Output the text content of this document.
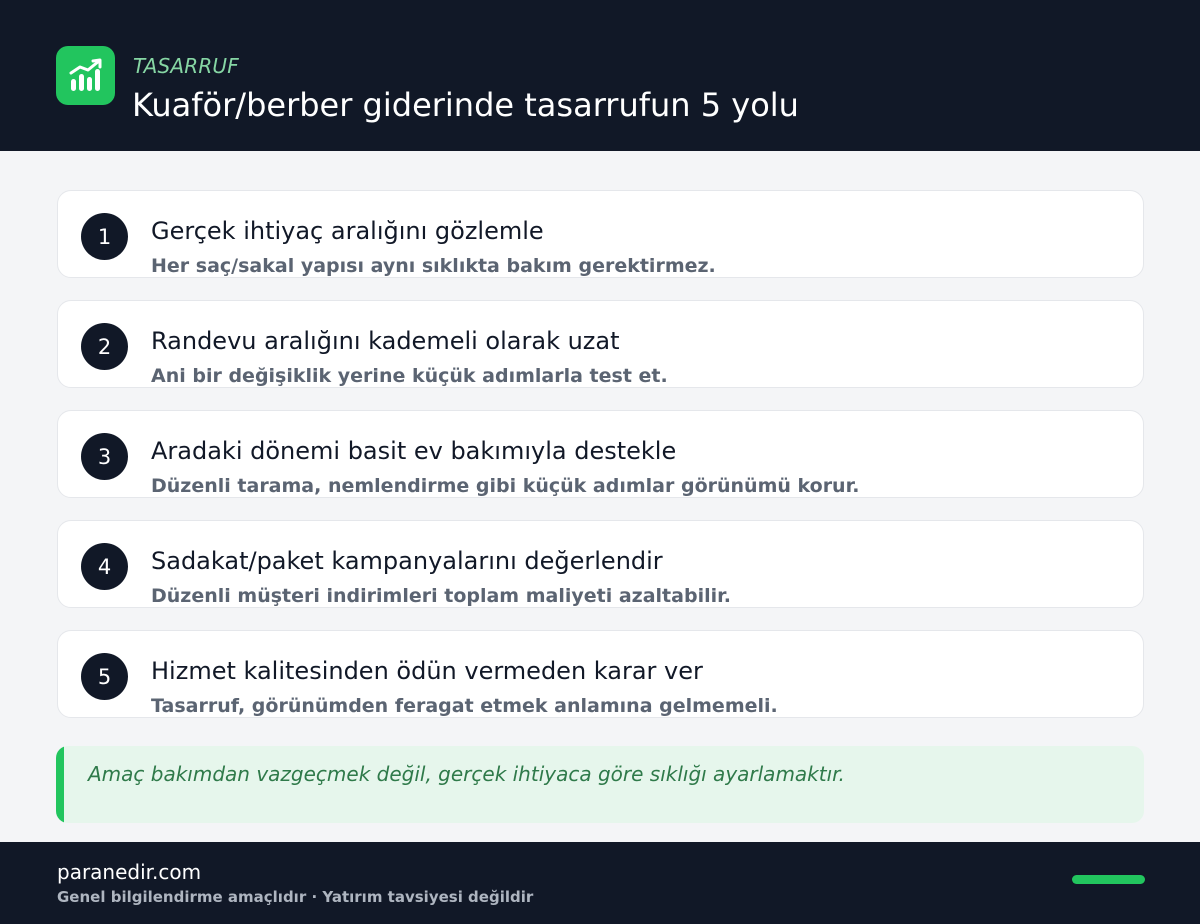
TASARRUF
Kuaför/berber giderinde tasarrufun 5 yolu
1	Gerçek ihtiyaç aralığını gözlemle
Her saç/sakal yapısı aynı sıklıkta bakım gerektirmez.
2	Randevu aralığını kademeli olarak uzat
Ani bir değişiklik yerine küçük adımlarla test et.
3	Aradaki dönemi basit ev bakımıyla destekle
Düzenli tarama, nemlendirme gibi küçük adımlar görünümü korur.
4	Sadakat/paket kampanyalarını değerlendir
Düzenli müşteri indirimleri toplam maliyeti azaltabilir.
5	Hizmet kalitesinden ödün vermeden karar ver
Tasarruf, görünümden feragat etmek anlamına gelmemeli.
Amaç bakımdan vazgeçmek değil, gerçek ihtiyaca göre sıklığı ayarlamaktır.
paranedir.com
Genel bilgilendirme amaçlıdır · Yatırım tavsiyesi değildir
